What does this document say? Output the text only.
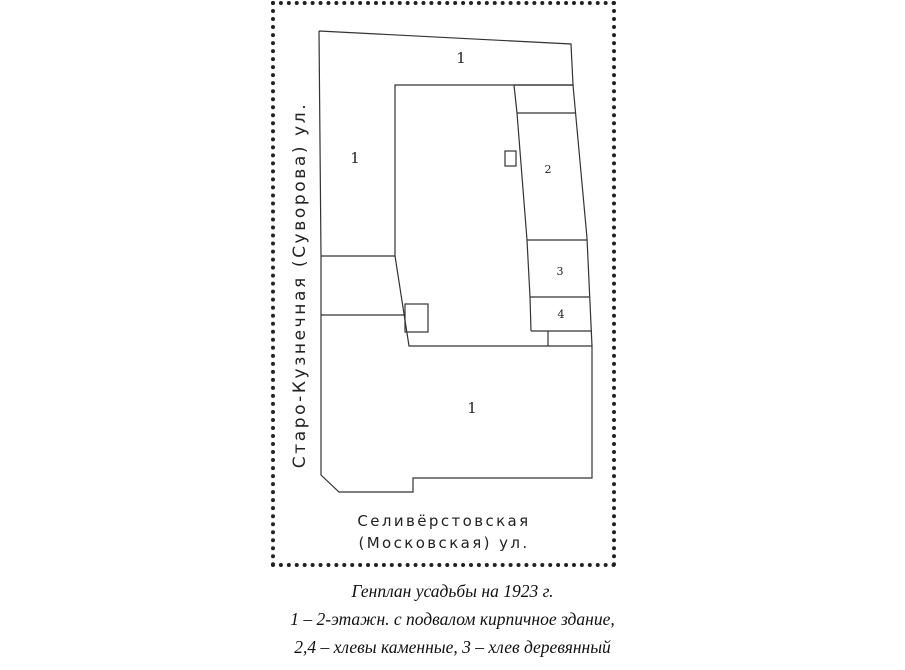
1
1
2
3
4
1
Старо-Кузнечная (Суворова) ул.
Селивёрстовская
(Московская) ул.
Генплан усадьбы на 1923 г.
1 – 2-этажн. с подвалом кирпичное здание,
2,4 – хлевы каменные, 3 – хлев деревянный
